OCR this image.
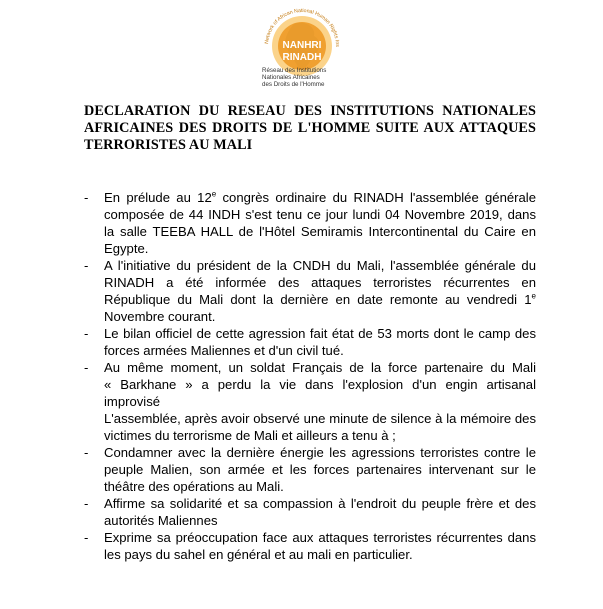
Network of African National Human Rights Ins
NANHRI
RINADH
Réseau des Institutions
Nationales Africaines
des Droits de l'Homme
DECLARATION DU RESEAU DES INSTITUTIONS NATIONALES
AFRICAINES DES DROITS DE L'HOMME SUITE AUX ATTAQUES
TERRORISTES AU MALI
- En prélude au 12e congrès ordinaire du RINADH l'assemblée générale
composée de 44 INDH s'est tenu ce jour lundi 04 Novembre 2019, dans
la salle TEEBA HALL de l'Hôtel Semiramis Intercontinental du Caire en
Egypte.
- A l'initiative du président de la CNDH du Mali, l'assemblée générale du
RINADH a été informée des attaques terroristes récurrentes en
République du Mali dont la dernière en date remonte au vendredi 1e
Novembre courant.
- Le bilan officiel de cette agression fait état de 53 morts dont le camp des
forces armées Maliennes et d'un civil tué.
- Au même moment, un soldat Français de la force partenaire du Mali
« Barkhane » a perdu la vie dans l'explosion d'un engin artisanal
improvisé
L'assemblée, après avoir observé une minute de silence à la mémoire des
victimes du terrorisme de Mali et ailleurs a tenu à ;
- Condamner avec la dernière énergie les agressions terroristes contre le
peuple Malien, son armée et les forces partenaires intervenant sur le
théâtre des opérations au Mali.
- Affirme sa solidarité et sa compassion à l'endroit du peuple frère et des
autorités Maliennes
- Exprime sa préoccupation face aux attaques terroristes récurrentes dans
les pays du sahel en général et au mali en particulier.
